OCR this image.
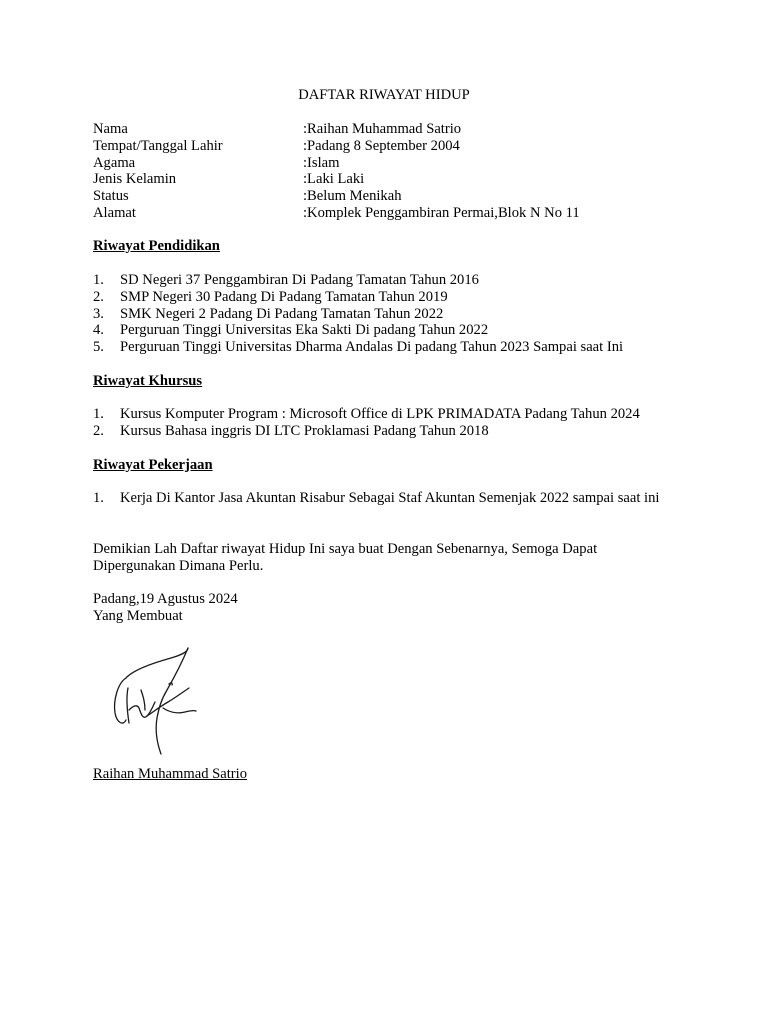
DAFTAR RIWAYAT HIDUP
Nama	:Raihan Muhammad Satrio
Tempat/Tanggal Lahir	:Padang 8 September 2004
Agama	:Islam
Jenis Kelamin	:Laki Laki
Status	:Belum Menikah
Alamat	:Komplek Penggambiran Permai,Blok N No 11
Riwayat Pendidikan
1.	SD Negeri 37 Penggambiran Di Padang Tamatan Tahun 2016
2.	SMP Negeri 30 Padang Di Padang Tamatan Tahun 2019
3.	SMK Negeri 2 Padang Di Padang Tamatan Tahun 2022
4.	Perguruan Tinggi Universitas Eka Sakti Di padang Tahun 2022
5.	Perguruan Tinggi Universitas Dharma Andalas Di padang Tahun 2023 Sampai saat Ini
Riwayat Khursus
1.	Kursus Komputer Program : Microsoft Office di LPK PRIMADATA Padang Tahun 2024
2.	Kursus Bahasa inggris DI LTC Proklamasi Padang Tahun 2018
Riwayat Pekerjaan
1.	Kerja Di Kantor Jasa Akuntan Risabur Sebagai Staf Akuntan Semenjak 2022 sampai saat ini
Demikian Lah Daftar riwayat Hidup Ini saya buat Dengan Sebenarnya, Semoga Dapat Dipergunakan Dimana Perlu.
Padang,19 Agustus 2024
Yang Membuat
Raihan Muhammad Satrio
